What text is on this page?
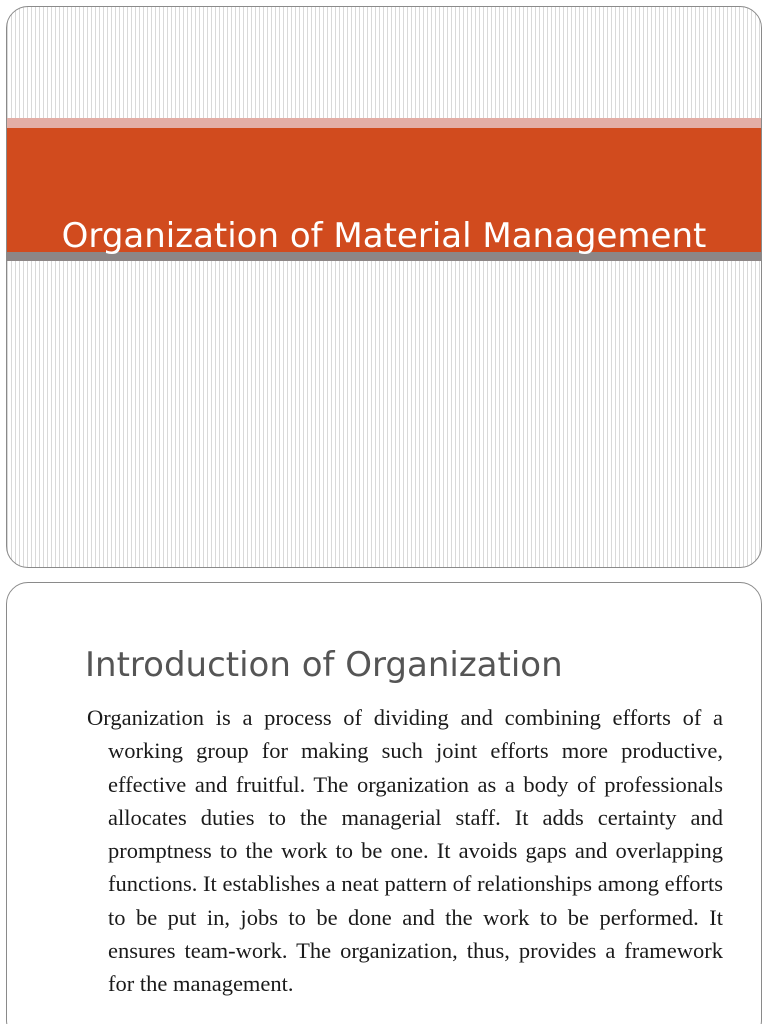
Organization of Material Management
Introduction of Organization

Organization is a process of dividing and combining efforts of a working group for making such joint efforts more productive, effective and fruitful. The organization as a body of professionals allocates duties to the managerial staff. It adds certainty and promptness to the work to be one. It avoids gaps and overlapping functions. It establishes a neat pattern of relationships among efforts to be put in, jobs to be done and the work to be performed. It ensures team-work. The organization, thus, provides a framework for the management.
